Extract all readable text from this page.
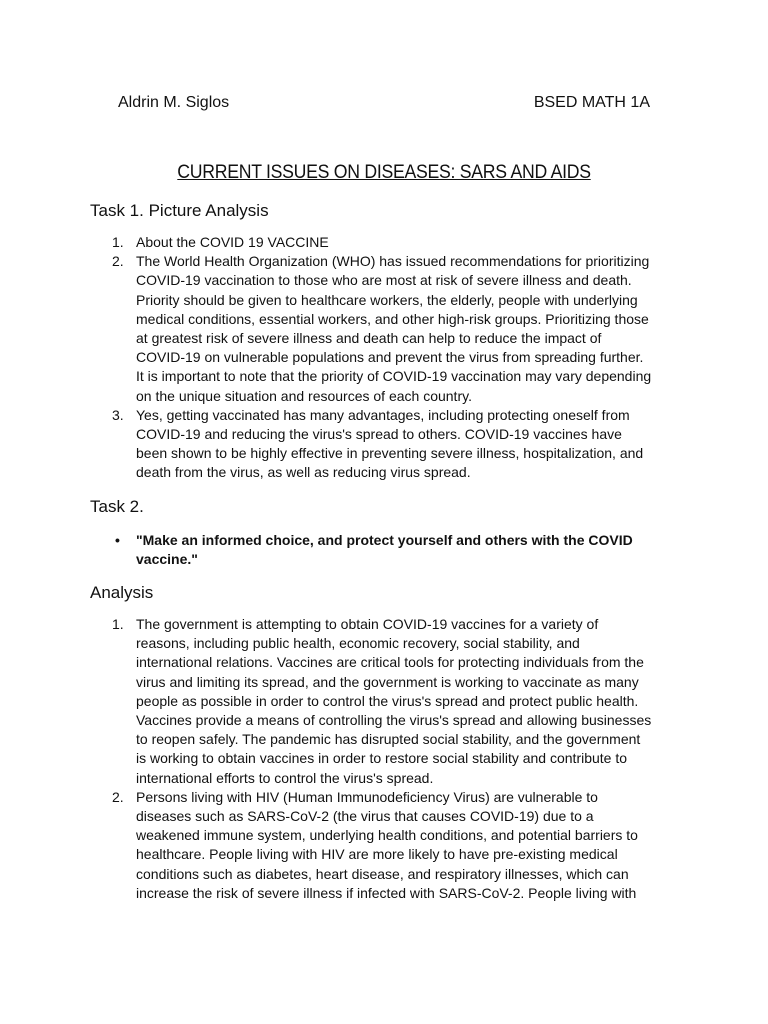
Aldrin M. Siglos	BSED MATH 1A
CURRENT ISSUES ON DISEASES: SARS AND AIDS
Task 1. Picture Analysis
1. About the COVID 19 VACCINE
2. The World Health Organization (WHO) has issued recommendations for prioritizing COVID-19 vaccination to those who are most at risk of severe illness and death. Priority should be given to healthcare workers, the elderly, people with underlying medical conditions, essential workers, and other high-risk groups. Prioritizing those at greatest risk of severe illness and death can help to reduce the impact of COVID-19 on vulnerable populations and prevent the virus from spreading further. It is important to note that the priority of COVID-19 vaccination may vary depending on the unique situation and resources of each country.
3. Yes, getting vaccinated has many advantages, including protecting oneself from COVID-19 and reducing the virus's spread to others. COVID-19 vaccines have been shown to be highly effective in preventing severe illness, hospitalization, and death from the virus, as well as reducing virus spread.
Task 2.
• "Make an informed choice, and protect yourself and others with the COVID vaccine."
Analysis
1. The government is attempting to obtain COVID-19 vaccines for a variety of reasons, including public health, economic recovery, social stability, and international relations. Vaccines are critical tools for protecting individuals from the virus and limiting its spread, and the government is working to vaccinate as many people as possible in order to control the virus's spread and protect public health. Vaccines provide a means of controlling the virus's spread and allowing businesses to reopen safely. The pandemic has disrupted social stability, and the government is working to obtain vaccines in order to restore social stability and contribute to international efforts to control the virus's spread.
2. Persons living with HIV (Human Immunodeficiency Virus) are vulnerable to diseases such as SARS-CoV-2 (the virus that causes COVID-19) due to a weakened immune system, underlying health conditions, and potential barriers to healthcare. People living with HIV are more likely to have pre-existing medical conditions such as diabetes, heart disease, and respiratory illnesses, which can increase the risk of severe illness if infected with SARS-CoV-2. People living with
